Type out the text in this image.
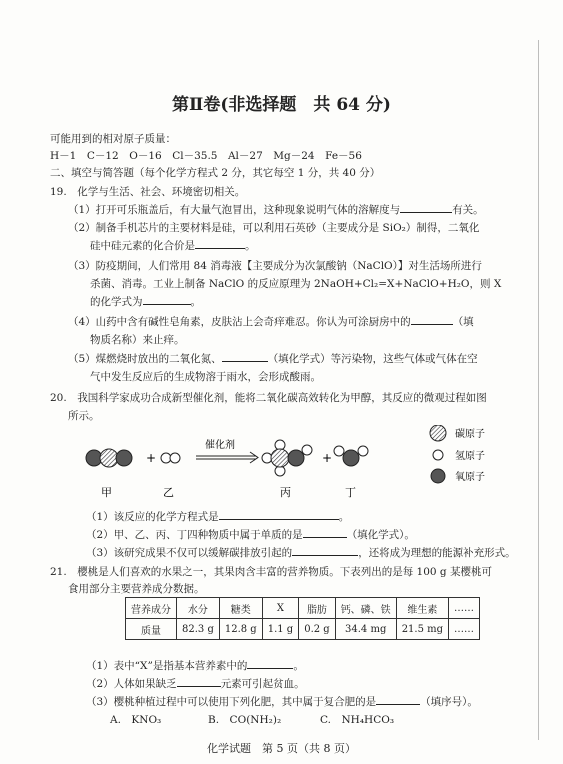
第Ⅱ卷(非选择题　共 64 分)
可能用到的相对原子质量：
H－1　C－12　O－16　Cl－35.5　Al－27　Mg－24　Fe－56
二、填空与简答题（每个化学方程式 2 分，其它每空 1 分，共 40 分）
19.　化学与生活、社会、环境密切相关。
（1）打开可乐瓶盖后，有大量气泡冒出，这种现象说明气体的溶解度与	有关。
（2）制备手机芯片的主要材料是硅，可以利用石英砂（主要成分是 SiO₂）制得，二氧化
硅中硅元素的化合价是	。
（3）防疫期间，人们常用 84 消毒液【主要成分为次氯酸钠（NaClO）】对生活场所进行
杀菌、消毒。工业上制备 NaClO 的反应原理为 2NaOH+Cl₂=X+NaClO+H₂O，则 X
的化学式为	。
（4）山药中含有碱性皂角素，皮肤沾上会奇痒难忍。你认为可涂厨房中的	（填
物质名称）来止痒。
（5）煤燃烧时放出的二氧化氮、	（填化学式）等污染物，这些气体或气体在空
气中发生反应后的生成物溶于雨水，会形成酸雨。
20.　我国科学家成功合成新型催化剂，能将二氧化碳高效转化为甲醇，其反应的微观过程如图
所示。
+
催化剂
+
甲	乙	丙	丁
碳原子
氢原子
氧原子
（1）该反应的化学方程式是	。
（2）甲、乙、丙、丁四种物质中属于单质的是	（填化学式）。
（3）该研究成果不仅可以缓解碳排放引起的	，还将成为理想的能源补充形式。
21.　樱桃是人们喜欢的水果之一，其果肉含丰富的营养物质。下表列出的是每 100 g 某樱桃可
食用部分主要营养成分数据。
营养成分	水分	糖类	X	脂肪	钙、磷、铁	维生素	……
质量	82.3 g	12.8 g	1.1 g	0.2 g	34.4 mg	21.5 mg	……
（1）表中“X”是指基本营养素中的	。
（2）人体如果缺乏	元素可引起贫血。
（3）樱桃种植过程中可以使用下列化肥，其中属于复合肥的是	（填序号）。
A.　KNO₃	B.　CO(NH₂)₂	C.　NH₄HCO₃
化学试题　第 5 页（共 8 页）
